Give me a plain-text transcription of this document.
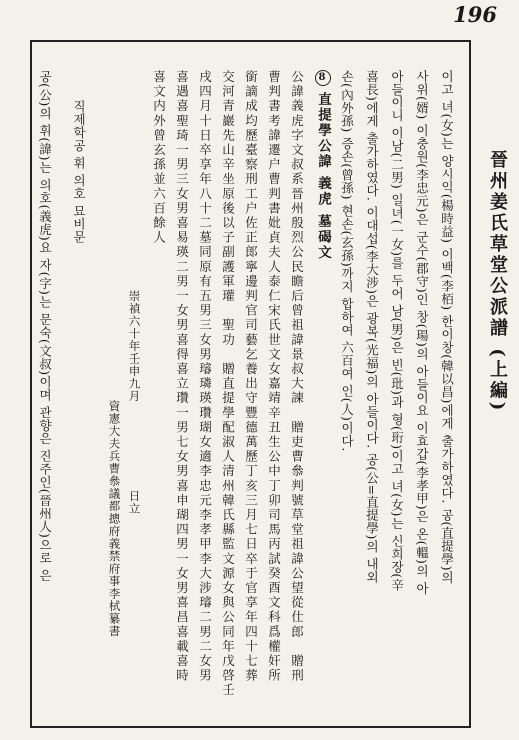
196
晉州姜氏草堂公派譜 (上編)
이고 녀(女)는 양시익(楊時益) 이백(李栢) 한이창(韓以昌)에게 출가하였다. 공(直提學)의
사위(婿) 이충원(李忠元)은 군수(郡守)인 창(瑒)의 아들이요 이효갑(李孝甲)은 온(轀)의 아
아들이니 이남(二男) 일녀(一女)를 두어 남(男)은 빈(玭)과 형(珩)이고 녀(女)는 신희장(辛
喜長)에게 출가하였다. 이대섭(李大涉)은 광복(光福)의 아들이다. 공(公=直提學)의 내외
손(內外孫) 증손(曾孫) 현손(玄孫)까지 합하여 六百여 인(人)이다.
8直提學公諱 義虎 墓碣文
公諱義虎字文叔系晉州殷烈公民瞻后曾祖諱景叔大諫　贈吏曹叅判號草堂祖諱公望從仕郎　贈刑
曹判書考諱遷户曹判書妣貞夫人泰仁宋氏世文女嘉靖辛丑生公中丁卯司馬丙試癸酉文科爲權奸所
銜謫成均歷臺察刑工户佐正郎寧邊判官司藝乞養出守豐德萬歷丁亥三月七日卒于官享年四十七葬
交河青巖先山辛坐原後以子副護軍瓘　聖功　贈直提學配淑人清州韓氏縣監文源女與公同年戊啓壬
戌四月十日卒享年八十二墓同原有五男三女男璿璘瑛瓚瑚女適李忠元李孝甲李大涉璿二男二女男
喜遇喜聖琦一男三女男喜易瑛二男一女男喜得喜立瓚一男七女男喜申瑚四男一女男喜昌喜載喜時
喜文内外曾玄孫並六百餘人
崇禎六十年壬申九月　　　　　　　日立
資憲大夫兵曹叅議都摠府義禁府事李栻纂書
직제학공 휘 의호 묘비문
공(公)의 휘(諱)는 의호(義虎)요 자(字)는 문숙(文叔)이며 관향은 진주인(晉州人)으로 은
